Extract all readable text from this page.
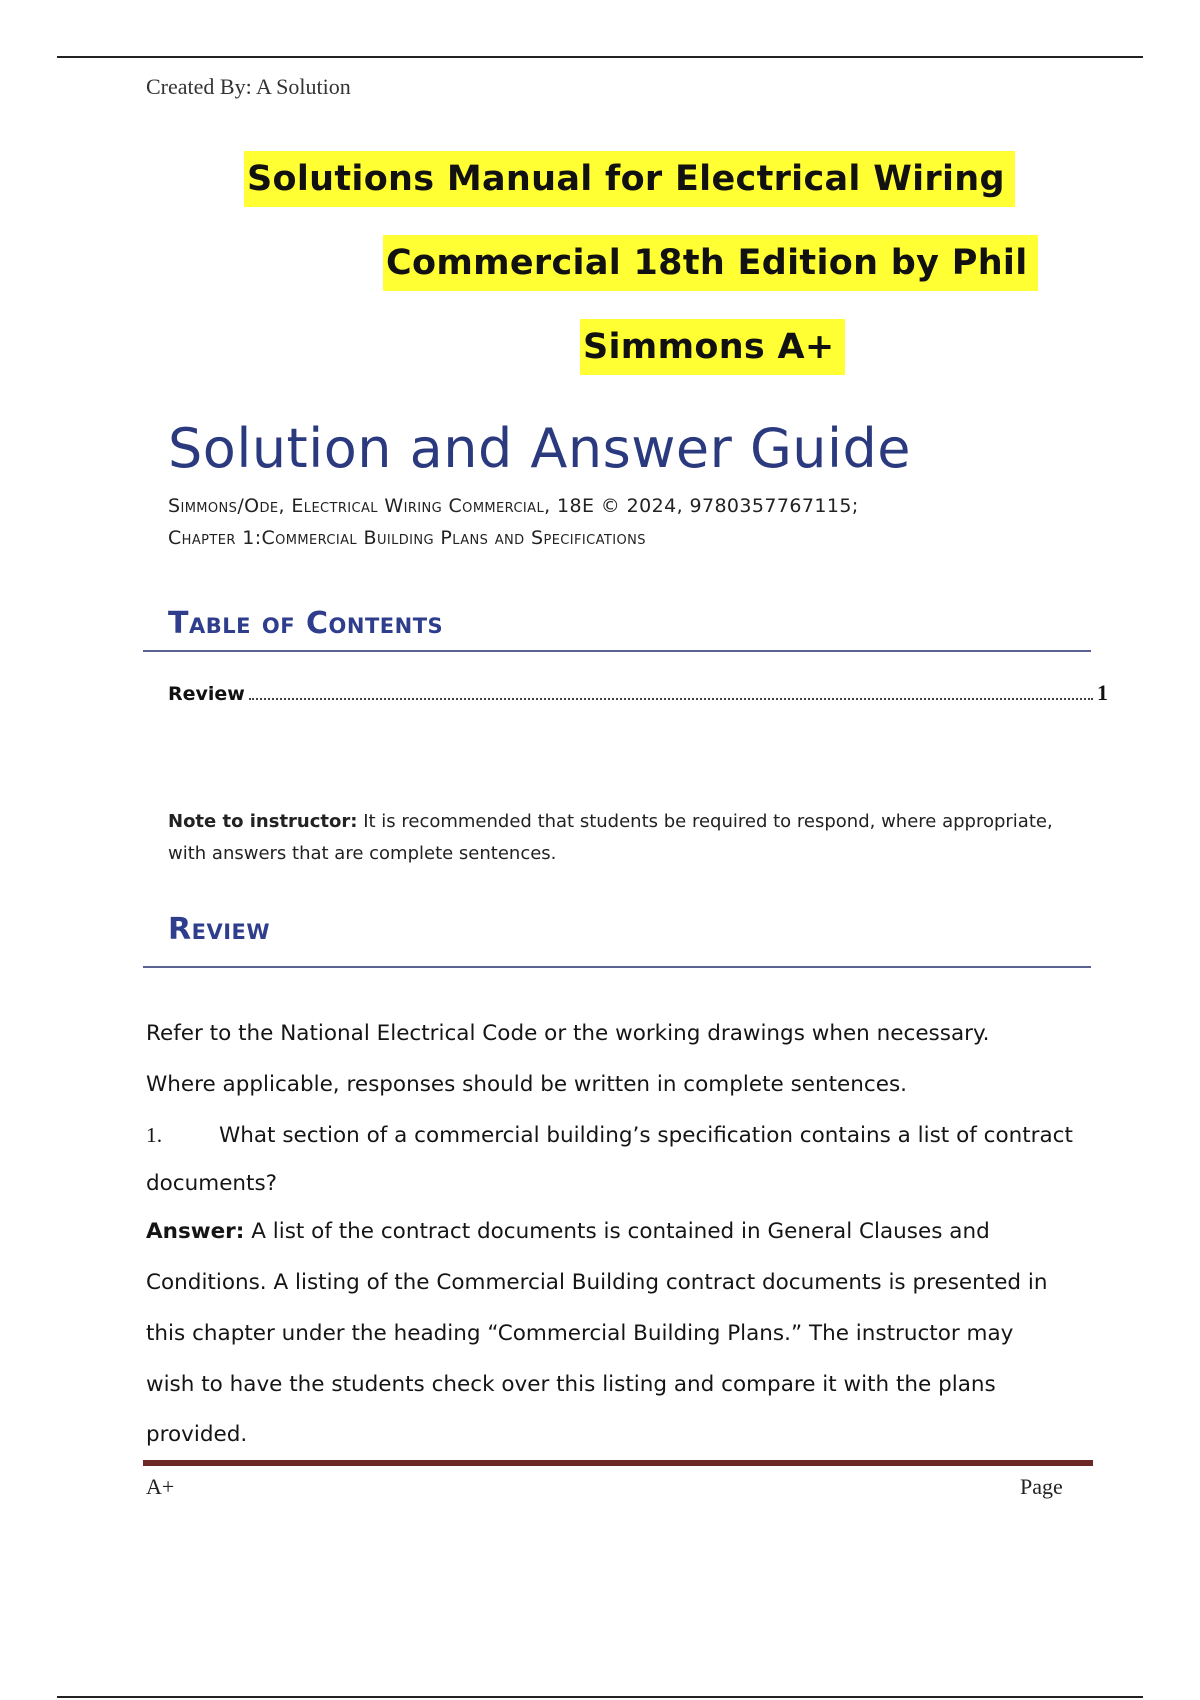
Created By: A Solution
Solutions Manual for Electrical Wiring
Commercial 18th Edition by Phil
Simmons A+
Solution and Answer Guide
Simmons/Ode, Electrical Wiring Commercial, 18E © 2024, 9780357767115;
Chapter 1:Commercial Building Plans and Specifications
Table of Contents
Review	1
Note to instructor: It is recommended that students be required to respond, where appropriate, with answers that are complete sentences.
Review
Refer to the National Electrical Code or the working drawings when necessary.
Where applicable, responses should be written in complete sentences.
1.	What section of a commercial building’s specification contains a list of contract
documents?
Answer: A list of the contract documents is contained in General Clauses and
Conditions. A listing of the Commercial Building contract documents is presented in
this chapter under the heading “Commercial Building Plans.” The instructor may
wish to have the students check over this listing and compare it with the plans
provided.
A+	Page
